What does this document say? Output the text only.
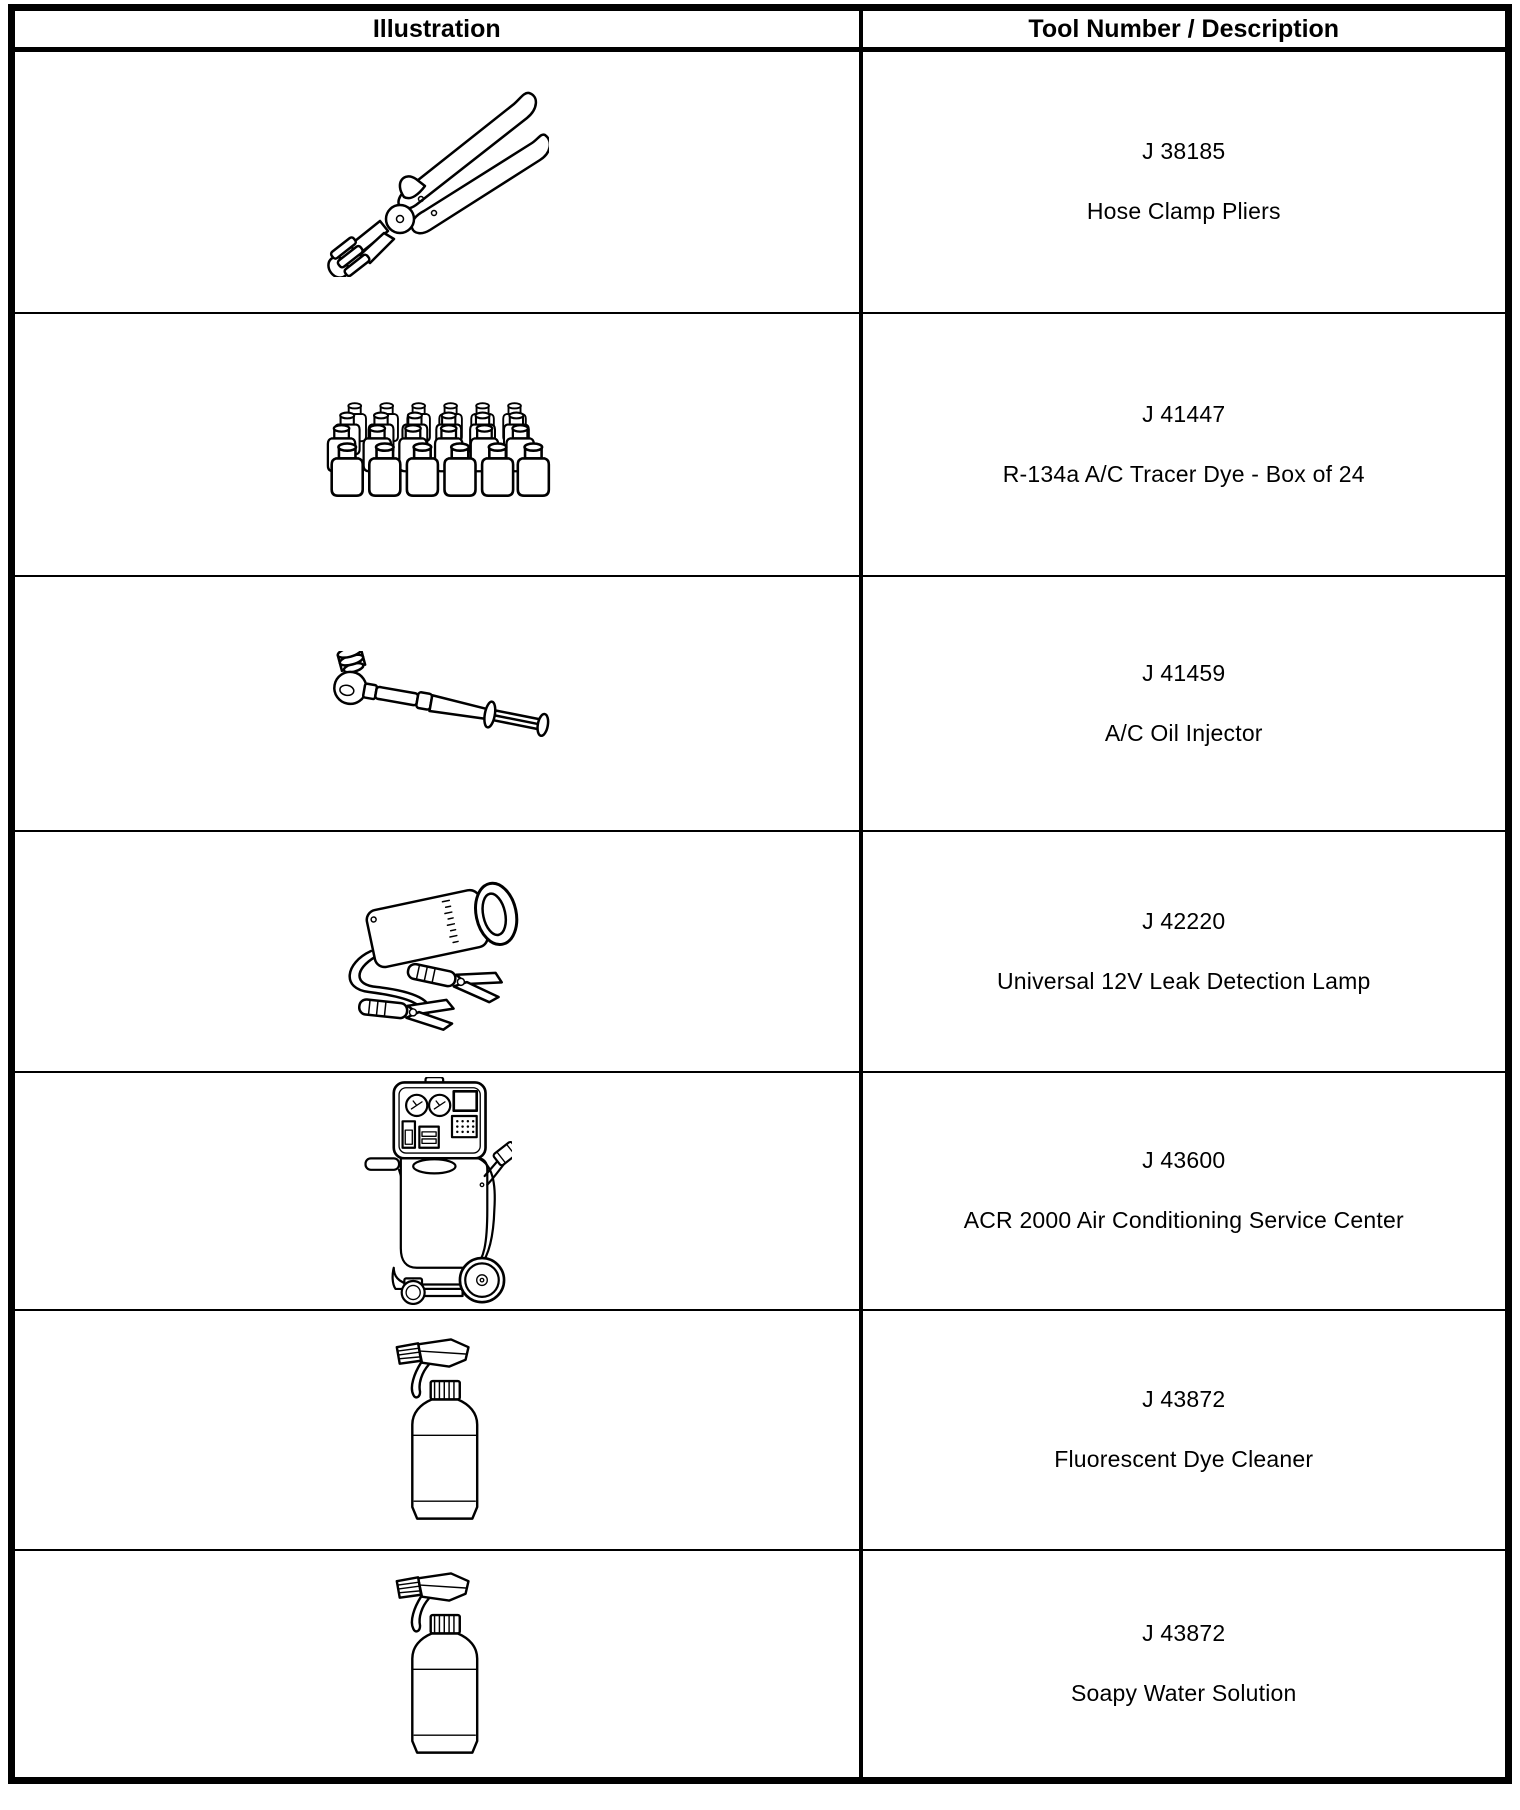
Illustration	Tool Number / Description

J 38185
Hose Clamp Pliers

J 41447
R-134a A/C Tracer Dye - Box of 24

J 41459
A/C Oil Injector

J 42220
Universal 12V Leak Detection Lamp

J 43600
ACR 2000 Air Conditioning Service Center

J 43872
Fluorescent Dye Cleaner

J 43872
Soapy Water Solution
